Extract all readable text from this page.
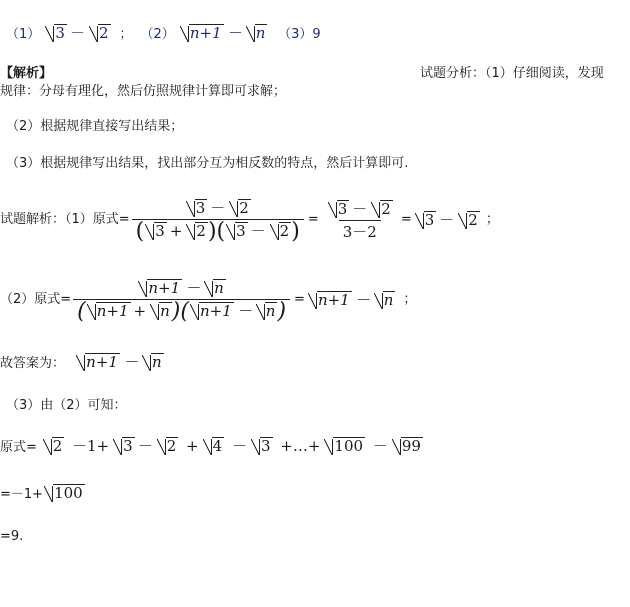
（1） 3 － 2 ； （2） n+1 － n （3）9
【解析】	试题分析：（1）仔细阅读，发现
规律：分母有理化，然后仿照规律计算即可求解；
（2）根据规律直接写出结果；
（3）根据规律写出结果，找出部分互为相反数的特点，然后计算即可.
试题解析：（1）原式= $\frac{3 - 2}{( 3 + 2)( 3 - 2)} = \frac{3 - 2}{3-2} = 3 - 2$ ；
（2）原式= $\frac{n+1 - n}{( n+1 + n)( n+1 - n)} = n+1 - n$ ；
故答案为： n+1 － n
（3）由（2）可知：
原式= 2 －1+ 3 － 2 + 4 － 3 +…+ 100 － 99
=－1+ 100
=9.
